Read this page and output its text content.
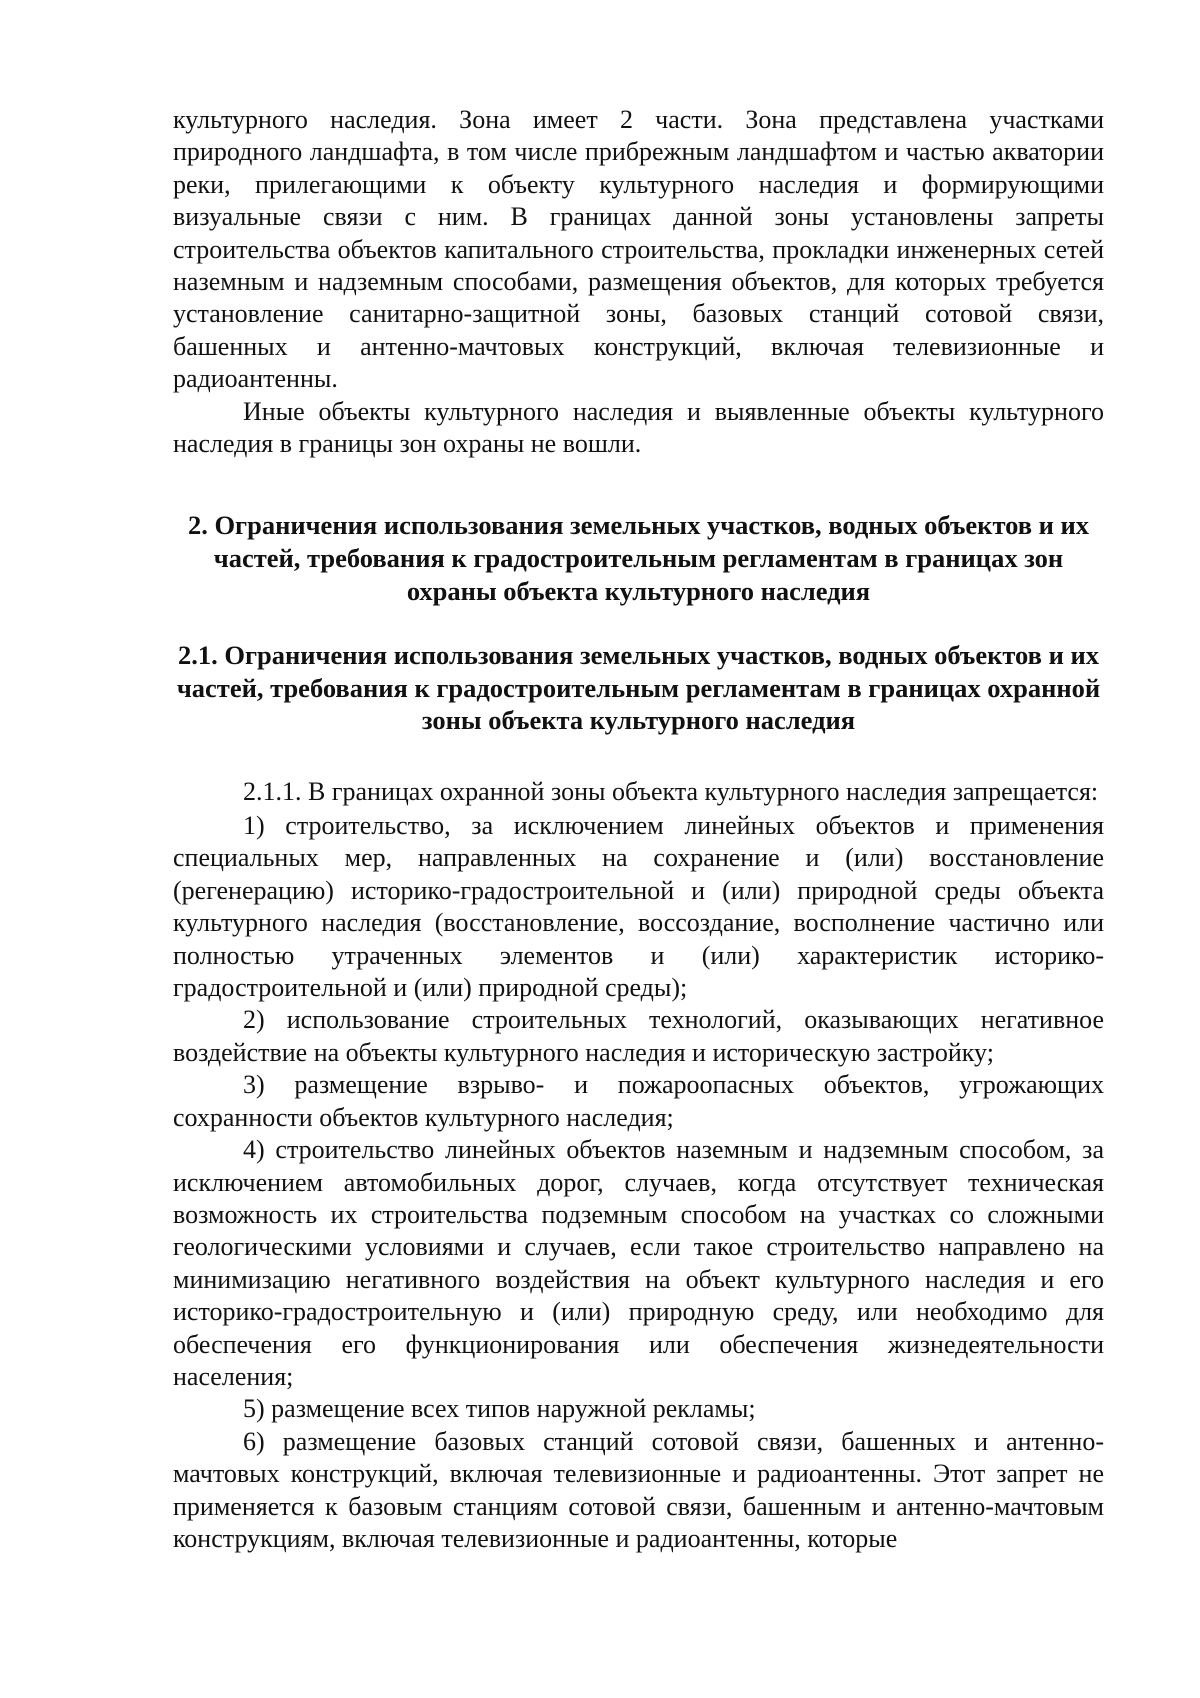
культурного наследия. Зона имеет 2 части. Зона представлена участками природного ландшафта, в том числе прибрежным ландшафтом и частью акватории реки, прилегающими к объекту культурного наследия и формирующими визуальные связи с ним. В границах данной зоны установлены запреты строительства объектов капитального строительства, прокладки инженерных сетей наземным и надземным способами, размещения объектов, для которых требуется установление санитарно-защитной зоны, базовых станций сотовой связи, башенных и антенно-мачтовых конструкций, включая телевизионные и радиоантенны.

Иные объекты культурного наследия и выявленные объекты культурного наследия в границы зон охраны не вошли.

2. Ограничения использования земельных участков, водных объектов и их частей, требования к градостроительным регламентам в границах зон охраны объекта культурного наследия
2.1. Ограничения использования земельных участков, водных объектов и их частей, требования к градостроительным регламентам в границах охранной зоны объекта культурного наследия

2.1.1. В границах охранной зоны объекта культурного наследия запрещается:

1) строительство, за исключением линейных объектов и применения специальных мер, направленных на сохранение и (или) восстановление (регенерацию) историко-градостроительной и (или) природной среды объекта культурного наследия (восстановление, воссоздание, восполнение частично или полностью утраченных элементов и (или) характеристик историко-градостроительной и (или) природной среды);

2) использование строительных технологий, оказывающих негативное воздействие на объекты культурного наследия и историческую застройку;

3) размещение взрыво- и пожароопасных объектов, угрожающих сохранности объектов культурного наследия;

4) строительство линейных объектов наземным и надземным способом, за исключением автомобильных дорог, случаев, когда отсутствует техническая возможность их строительства подземным способом на участках со сложными геологическими условиями и случаев, если такое строительство направлено на минимизацию негативного воздействия на объект культурного наследия и его историко-градостроительную и (или) природную среду, или необходимо для обеспечения его функционирования или обеспечения жизнедеятельности населения;

5) размещение всех типов наружной рекламы;

6) размещение базовых станций сотовой связи, башенных и антенно-мачтовых конструкций, включая телевизионные и радиоантенны. Этот запрет не применяется к базовым станциям сотовой связи, башенным и антенно-мачтовым конструкциям, включая телевизионные и радиоантенны, которые
